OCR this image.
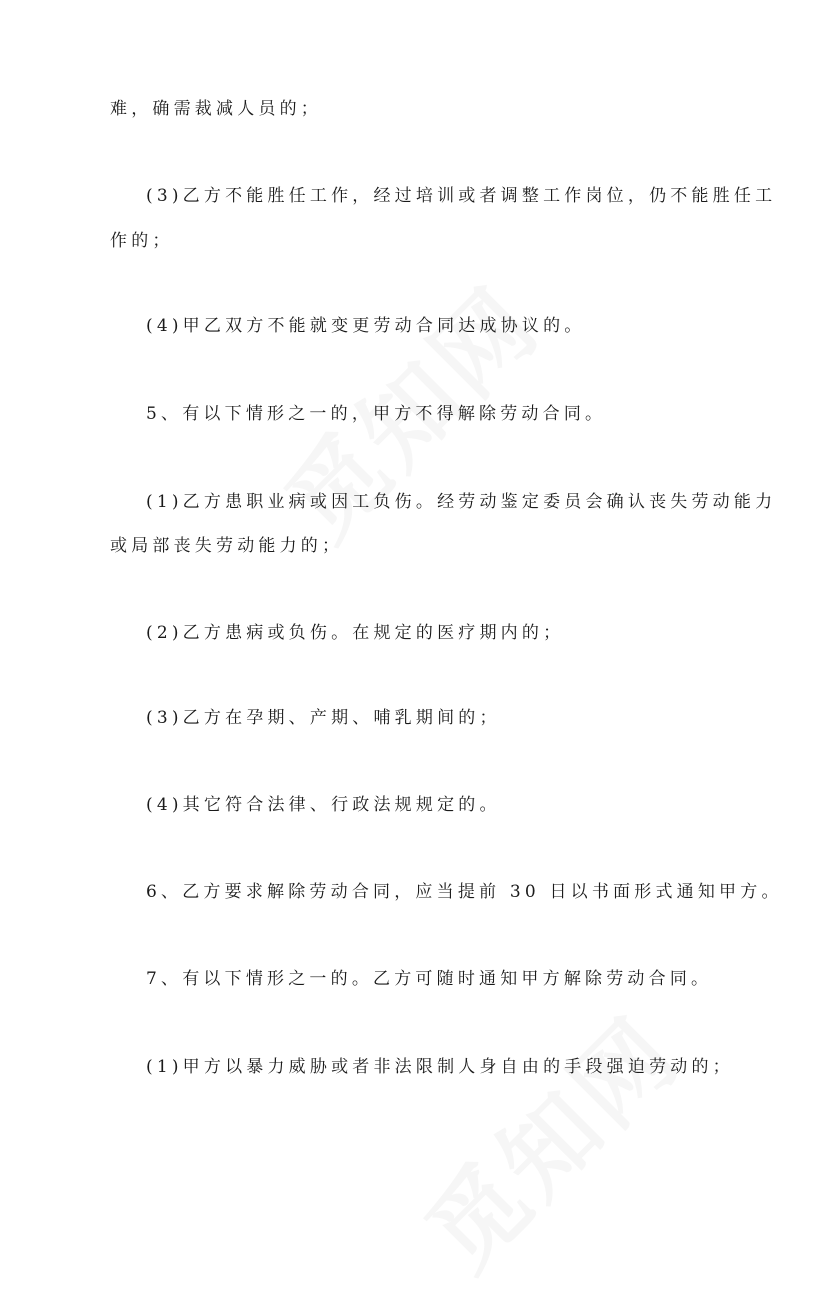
难，确需裁减人员的；
(3)乙方不能胜任工作，经过培训或者调整工作岗位，仍不能胜任工
作的；
(4)甲乙双方不能就变更劳动合同达成协议的。
5、有以下情形之一的，甲方不得解除劳动合同。
(1)乙方患职业病或因工负伤。经劳动鉴定委员会确认丧失劳动能力
或局部丧失劳动能力的；
(2)乙方患病或负伤。在规定的医疗期内的；
(3)乙方在孕期、产期、哺乳期间的；
(4)其它符合法律、行政法规规定的。
6、乙方要求解除劳动合同，应当提前 30 日以书面形式通知甲方。
7、有以下情形之一的。乙方可随时通知甲方解除劳动合同。
(1)甲方以暴力威胁或者非法限制人身自由的手段强迫劳动的；
